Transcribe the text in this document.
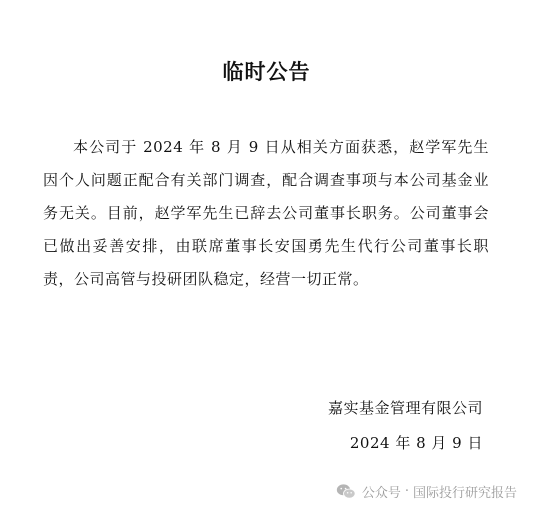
临时公告

本公司于 2024 年 8 月 9 日从相关方面获悉，赵学军先生因个人问题正配合有关部门调查，配合调查事项与本公司基金业务无关。目前，赵学军先生已辞去公司董事长职务。公司董事会已做出妥善安排，由联席董事长安国勇先生代行公司董事长职责，公司高管与投研团队稳定，经营一切正常。

嘉实基金管理有限公司
2024 年 8 月 9 日
公众号 · 国际投行研究报告
